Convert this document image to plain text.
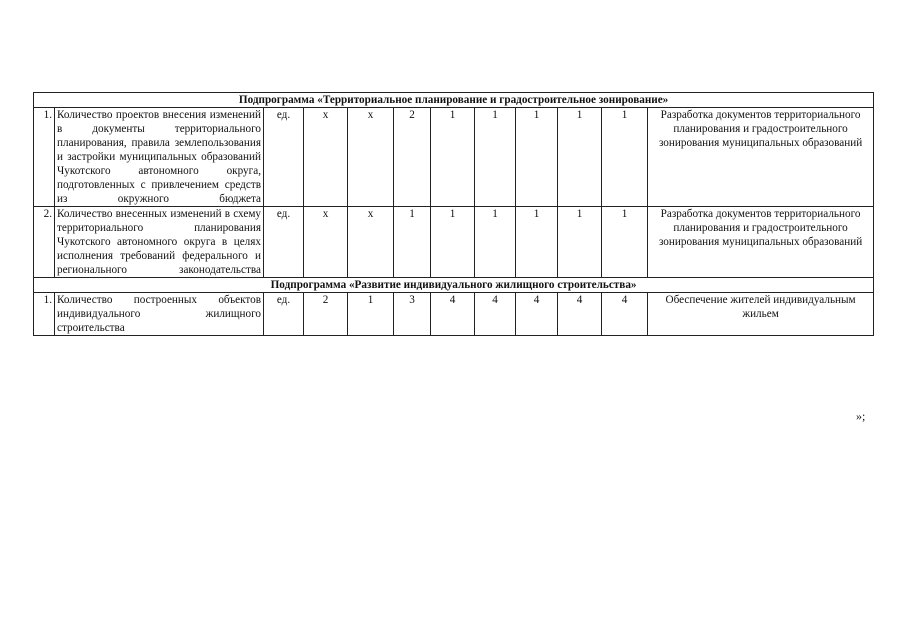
Подпрограмма «Территориальное планирование и градостроительное зонирование»											
1.	Количество проектов внесения изменений в документы территориального планирования, правила землепользования и застройки муниципальных образований Чукотского автономного округа, подготовленных с привлечением средств из окружного бюджета	ед.	х	х	2	1	1	1	1	1	Разработка документов территориального планирования и градостроительного зонирования муниципальных образований
2.	Количество внесенных изменений в схему территориального планирования Чукотского автономного округа в целях исполнения требований федерального и регионального законодательства	ед.	х	х	1	1	1	1	1	1	Разработка документов территориального планирования и градостроительного зонирования муниципальных образований
Подпрограмма «Развитие индивидуального жилищного строительства»											
1.	Количество построенных объектов индивидуального жилищного строительства	ед.	2	1	3	4	4	4	4	4	Обеспечение жителей индивидуальным жильем
»;
